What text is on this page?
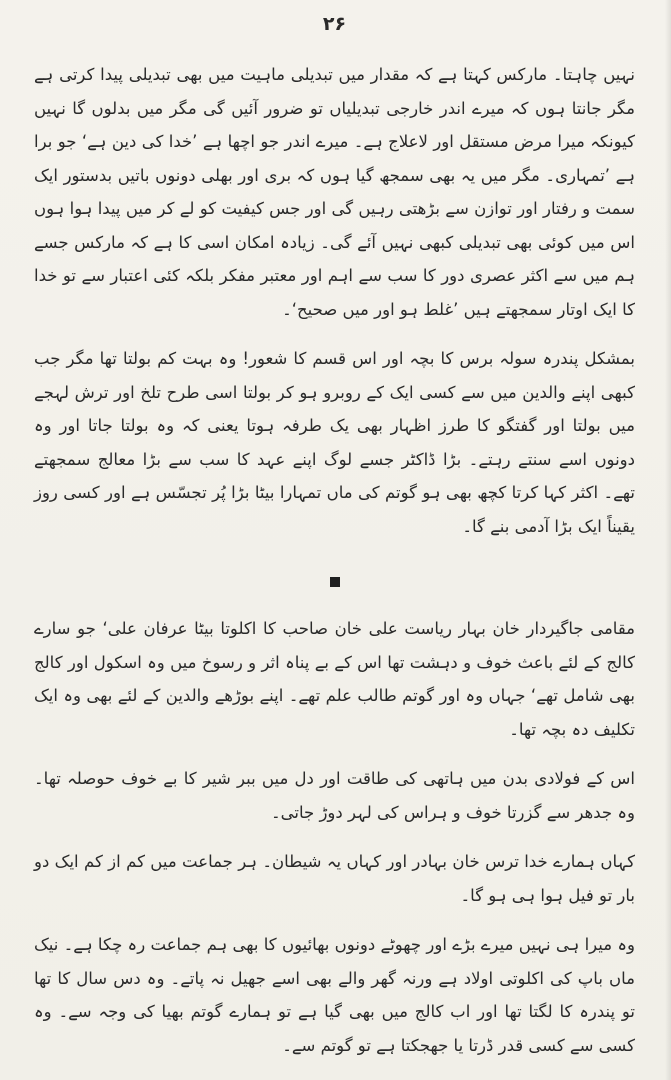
۲۶

نہیں چاہتا۔ مارکس کہتا ہے کہ مقدار میں تبدیلی ماہیت میں بھی تبدیلی پیدا کرتی ہے مگر جانتا ہوں کہ میرے اندر خارجی تبدیلیاں تو ضرور آئیں گی مگر میں بدلوں گا نہیں کیونکہ میرا مرض مستقل اور لاعلاج ہے۔ میرے اندر جو اچھا ہے ’خدا کی دین ہے‘ جو برا ہے ’تمہاری۔ مگر میں یہ بھی سمجھ گیا ہوں کہ بری اور بھلی دونوں باتیں بدستور ایک سمت و رفتار اور توازن سے بڑھتی رہیں گی اور جس کیفیت کو لے کر میں پیدا ہوا ہوں اس میں کوئی بھی تبدیلی کبھی نہیں آئے گی۔ زیادہ امکان اسی کا ہے کہ مارکس جسے ہم میں سے اکثر عصری دور کا سب سے اہم اور معتبر مفکر بلکہ کئی اعتبار سے تو خدا کا ایک اوتار سمجھتے ہیں ’غلط ہو اور میں صحیح‘۔

بمشکل پندرہ سولہ برس کا بچہ اور اس قسم کا شعور! وہ بہت کم بولتا تھا مگر جب کبھی اپنے والدین میں سے کسی ایک کے روبرو ہو کر بولتا اسی طرح تلخ اور ترش لہجے میں بولتا اور گفتگو کا طرز اظہار بھی یک طرفہ ہوتا یعنی کہ وہ بولتا جاتا اور وہ دونوں اسے سنتے رہتے۔ بڑا ڈاکٹر جسے لوگ اپنے عہد کا سب سے بڑا معالج سمجھتے تھے۔ اکثر کہا کرتا کچھ بھی ہو گوتم کی ماں تمہارا بیٹا بڑا پُر تجسّس ہے اور کسی روز یقیناً ایک بڑا آدمی بنے گا۔

مقامی جاگیردار خان بہار ریاست علی خان صاحب کا اکلوتا بیٹا عرفان علی‘ جو سارے کالج کے لئے باعث خوف و دہشت تھا اس کے بے پناہ اثر و رسوخ میں وہ اسکول اور کالج بھی شامل تھے‘ جہاں وہ اور گوتم طالب علم تھے۔ اپنے بوڑھے والدین کے لئے بھی وہ ایک تکلیف دہ بچہ تھا۔

اس کے فولادی بدن میں ہاتھی کی طاقت اور دل میں ببر شیر کا بے خوف حوصلہ تھا۔ وہ جدھر سے گزرتا خوف و ہراس کی لہر دوڑ جاتی۔

کہاں ہمارے خدا ترس خان بہادر اور کہاں یہ شیطان۔ ہر جماعت میں کم از کم ایک دو بار تو فیل ہوا ہی ہو گا۔

وہ میرا ہی نہیں میرے بڑے اور چھوٹے دونوں بھائیوں کا بھی ہم جماعت رہ چکا ہے۔ نیک ماں باپ کی اکلوتی اولاد ہے ورنہ گھر والے بھی اسے جھیل نہ پاتے۔ وہ دس سال کا تھا تو پندرہ کا لگتا تھا اور اب کالج میں بھی گیا ہے تو ہمارے گوتم بھیا کی وجہ سے۔ وہ کسی سے کسی قدر ڈرتا یا جھجکتا ہے تو گوتم سے۔
